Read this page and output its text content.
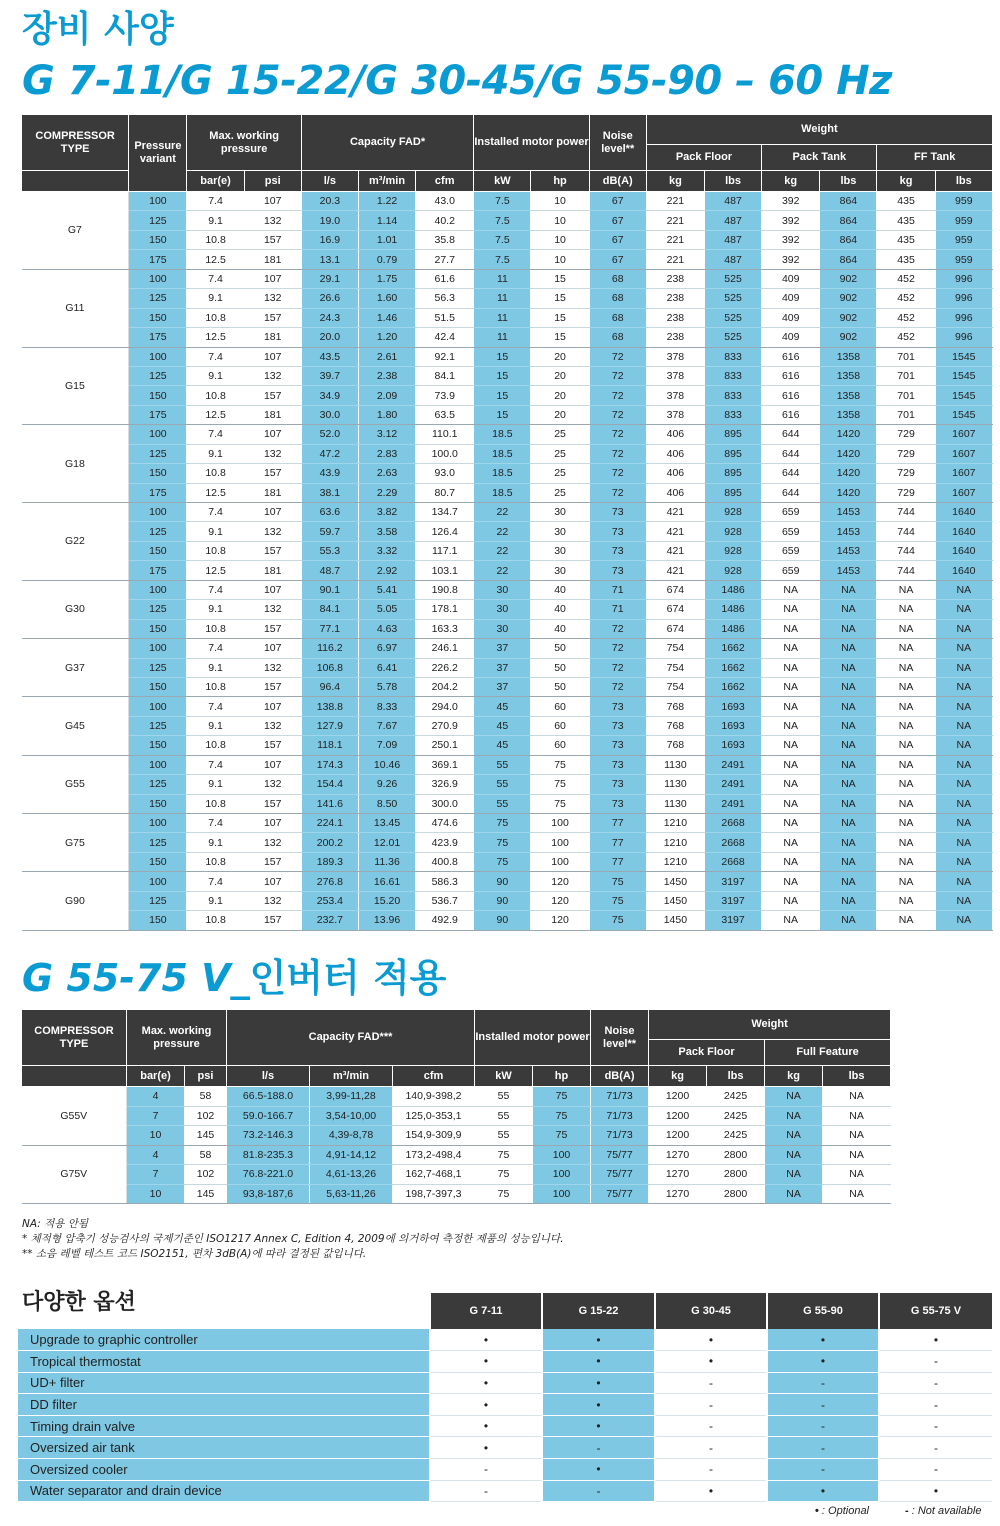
장비 사양
G 7-11/G 15-22/G 30-45/G 55-90 – 60 Hz
COMPRESSOR TYPE	Pressure variant	Max. working pressure		Capacity FAD*			Installed motor power		Noise level**	Weight					
										Pack Floor		Pack Tank		FF Tank	
		bar(e)	psi	l/s	m³/min	cfm	kW	hp	dB(A)	kg	lbs	kg	lbs	kg	lbs
G7	100	7.4	107	20.3	1.22	43.0	7.5	10	67	221	487	392	864	435	959
	125	9.1	132	19.0	1.14	40.2	7.5	10	67	221	487	392	864	435	959
	150	10.8	157	16.9	1.01	35.8	7.5	10	67	221	487	392	864	435	959
	175	12.5	181	13.1	0.79	27.7	7.5	10	67	221	487	392	864	435	959
G11	100	7.4	107	29.1	1.75	61.6	11	15	68	238	525	409	902	452	996
	125	9.1	132	26.6	1.60	56.3	11	15	68	238	525	409	902	452	996
	150	10.8	157	24.3	1.46	51.5	11	15	68	238	525	409	902	452	996
	175	12.5	181	20.0	1.20	42.4	11	15	68	238	525	409	902	452	996
G15	100	7.4	107	43.5	2.61	92.1	15	20	72	378	833	616	1358	701	1545
	125	9.1	132	39.7	2.38	84.1	15	20	72	378	833	616	1358	701	1545
	150	10.8	157	34.9	2.09	73.9	15	20	72	378	833	616	1358	701	1545
	175	12.5	181	30.0	1.80	63.5	15	20	72	378	833	616	1358	701	1545
G18	100	7.4	107	52.0	3.12	110.1	18.5	25	72	406	895	644	1420	729	1607
	125	9.1	132	47.2	2.83	100.0	18.5	25	72	406	895	644	1420	729	1607
	150	10.8	157	43.9	2.63	93.0	18.5	25	72	406	895	644	1420	729	1607
	175	12.5	181	38.1	2.29	80.7	18.5	25	72	406	895	644	1420	729	1607
G22	100	7.4	107	63.6	3.82	134.7	22	30	73	421	928	659	1453	744	1640
	125	9.1	132	59.7	3.58	126.4	22	30	73	421	928	659	1453	744	1640
	150	10.8	157	55.3	3.32	117.1	22	30	73	421	928	659	1453	744	1640
	175	12.5	181	48.7	2.92	103.1	22	30	73	421	928	659	1453	744	1640
G30	100	7.4	107	90.1	5.41	190.8	30	40	71	674	1486	NA	NA	NA	NA
	125	9.1	132	84.1	5.05	178.1	30	40	71	674	1486	NA	NA	NA	NA
	150	10.8	157	77.1	4.63	163.3	30	40	72	674	1486	NA	NA	NA	NA
G37	100	7.4	107	116.2	6.97	246.1	37	50	72	754	1662	NA	NA	NA	NA
	125	9.1	132	106.8	6.41	226.2	37	50	72	754	1662	NA	NA	NA	NA
	150	10.8	157	96.4	5.78	204.2	37	50	72	754	1662	NA	NA	NA	NA
G45	100	7.4	107	138.8	8.33	294.0	45	60	73	768	1693	NA	NA	NA	NA
	125	9.1	132	127.9	7.67	270.9	45	60	73	768	1693	NA	NA	NA	NA
	150	10.8	157	118.1	7.09	250.1	45	60	73	768	1693	NA	NA	NA	NA
G55	100	7.4	107	174.3	10.46	369.1	55	75	73	1130	2491	NA	NA	NA	NA
	125	9.1	132	154.4	9.26	326.9	55	75	73	1130	2491	NA	NA	NA	NA
	150	10.8	157	141.6	8.50	300.0	55	75	73	1130	2491	NA	NA	NA	NA
G75	100	7.4	107	224.1	13.45	474.6	75	100	77	1210	2668	NA	NA	NA	NA
	125	9.1	132	200.2	12.01	423.9	75	100	77	1210	2668	NA	NA	NA	NA
	150	10.8	157	189.3	11.36	400.8	75	100	77	1210	2668	NA	NA	NA	NA
G90	100	7.4	107	276.8	16.61	586.3	90	120	75	1450	3197	NA	NA	NA	NA
	125	9.1	132	253.4	15.20	536.7	90	120	75	1450	3197	NA	NA	NA	NA
	150	10.8	157	232.7	13.96	492.9	90	120	75	1450	3197	NA	NA	NA	NA
G 55-75 V_인버터 적용
COMPRESSOR TYPE	Max. working pressure		Capacity FAD***			Installed motor power		Noise level**	Weight			
									Pack Floor		Full Feature	
	bar(e)	psi	l/s	m³/min	cfm	kW	hp	dB(A)	kg	lbs	kg	lbs
G55V	4	58	66.5-188.0	3,99-11,28	140,9-398,2	55	75	71/73	1200	2425	NA	NA
	7	102	59.0-166.7	3,54-10,00	125,0-353,1	55	75	71/73	1200	2425	NA	NA
	10	145	73.2-146.3	4,39-8,78	154,9-309,9	55	75	71/73	1200	2425	NA	NA
G75V	4	58	81.8-235.3	4,91-14,12	173,2-498,4	75	100	75/77	1270	2800	NA	NA
	7	102	76.8-221.0	4,61-13,26	162,7-468,1	75	100	75/77	1270	2800	NA	NA
	10	145	93,8-187,6	5,63-11,26	198,7-397,3	75	100	75/77	1270	2800	NA	NA
NA: 적용 안됨
* 체적형 압축기 성능검사의 국제기준인 ISO1217 Annex C, Edition 4, 2009에 의거하여 측정한 제품의 성능입니다.
** 소음 레벨 테스트 코드 ISO2151, 편차 3dB(A)에 따라 결정된 값입니다.
다양한 옵션
		G 7-11	G 15-22	G 30-45	G 55-90	G 55-75 V
Upgrade to graphic controller	•	•	•	•	•
Tropical thermostat	•	•	•	•	-
UD+ filter	•	•	-	-	-
DD filter	•	•	-	-	-
Timing drain valve	•	•	-	-	-
Oversized air tank	•	-	-	-	-
Oversized cooler	-	•	-	-	-
Water separator and drain device	-	-	•	•	•
• : Optional	- : Not available
